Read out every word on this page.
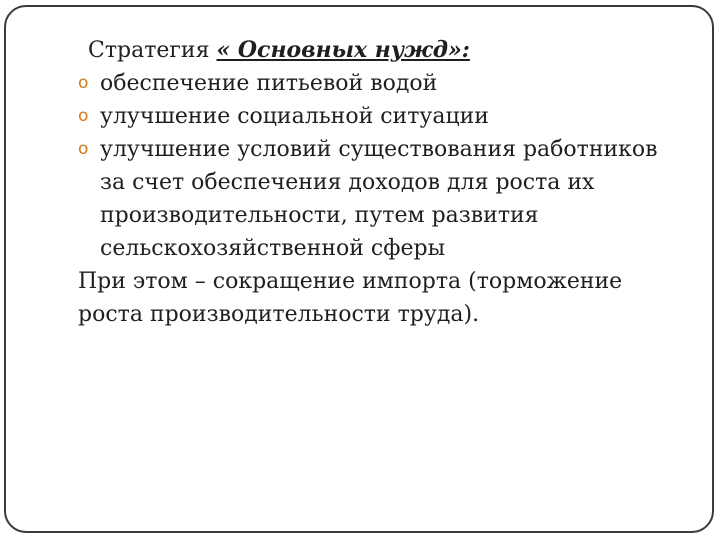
Стратегия « Основных нужд»:
o обеспечение питьевой водой
o улучшение социальной ситуации
o улучшение условий существования работников
за счет обеспечения доходов для роста их
производительности, путем развития
сельскохозяйственной сферы
При этом – сокращение импорта (торможение
роста производительности труда).
